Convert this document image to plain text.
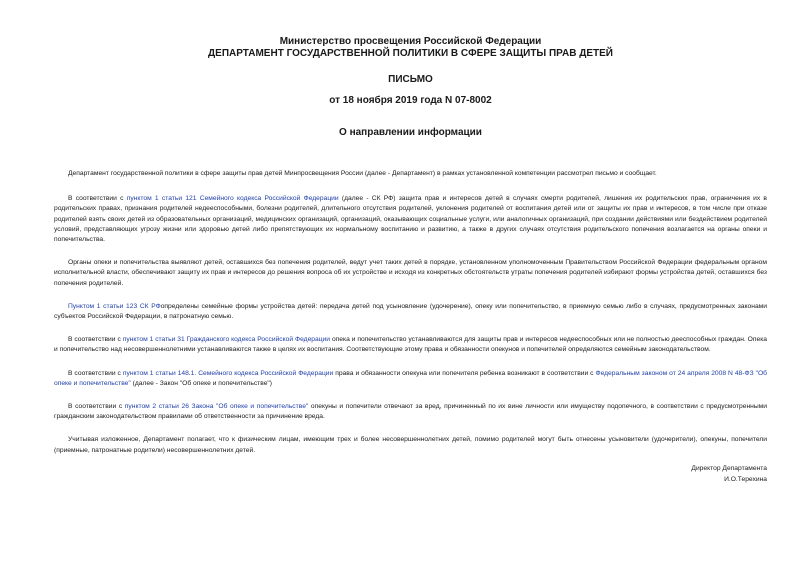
Министерство просвещения Российской Федерации
ДЕПАРТАМЕНТ ГОСУДАРСТВЕННОЙ ПОЛИТИКИ В СФЕРЕ ЗАЩИТЫ ПРАВ ДЕТЕЙ
ПИСЬМО
от 18 ноября 2019 года N 07-8002
О направлении информации

Департамент государственной политики в сфере защиты прав детей Минпросвещения России (далее - Департамент) в рамках установленной компетенции рассмотрел письмо и сообщает.

В соответствии с пунктом 1 статьи 121 Семейного кодекса Российской Федерации (далее - СК РФ) защита прав и интересов детей в случаях смерти родителей, лишения их родительских прав, ограничения их в родительских правах, признания родителей недееспособными, болезни родителей, длительного отсутствия родителей, уклонения родителей от воспитания детей или от защиты их прав и интересов, в том числе при отказе родителей взять своих детей из образовательных организаций, медицинских организаций, организаций, оказывающих социальные услуги, или аналогичных организаций, при создании действиями или бездействием родителей условий, представляющих угрозу жизни или здоровью детей либо препятствующих их нормальному воспитанию и развитию, а также в других случаях отсутствия родительского попечения возлагается на органы опеки и попечительства.

Органы опеки и попечительства выявляют детей, оставшихся без попечения родителей, ведут учет таких детей в порядке, установленном уполномоченным Правительством Российской Федерации федеральным органом исполнительной власти, обеспечивают защиту их прав и интересов до решения вопроса об их устройстве и исходя из конкретных обстоятельств утраты попечения родителей избирают формы устройства детей, оставшихся без попечения родителей.

Пунктом 1 статьи 123 СК РФопределены семейные формы устройства детей: передача детей под усыновление (удочерение), опеку или попечительство, в приемную семью либо в случаях, предусмотренных законами субъектов Российской Федерации, в патронатную семью.

В соответствии с пунктом 1 статьи 31 Гражданского кодекса Российской Федерации опека и попечительство устанавливаются для защиты прав и интересов недееспособных или не полностью дееспособных граждан. Опека и попечительство над несовершеннолетними устанавливаются также в целях их воспитания. Соответствующие этому права и обязанности опекунов и попечителей определяются семейным законодательством.

В соответствии с пунктом 1 статьи 148.1. Семейного кодекса Российской Федерации права и обязанности опекуна или попечителя ребенка возникают в соответствии с Федеральным законом от 24 апреля 2008 N 48-ФЗ "Об опеке и попечительстве" (далее - Закон "Об опеке и попечительстве")

В соответствии с пунктом 2 статьи 26 Закона "Об опеке и попечительстве" опекуны и попечители отвечают за вред, причиненный по их вине личности или имуществу подопечного, в соответствии с предусмотренными гражданским законодательством правилами об ответственности за причинение вреда.

Учитывая изложенное, Департамент полагает, что к физическим лицам, имеющим трех и более несовершеннолетних детей, помимо родителей могут быть отнесены усыновители (удочерители), опекуны, попечители (приемные, патронатные родители) несовершеннолетних детей.

Директор Департамента
И.О.Терехина
